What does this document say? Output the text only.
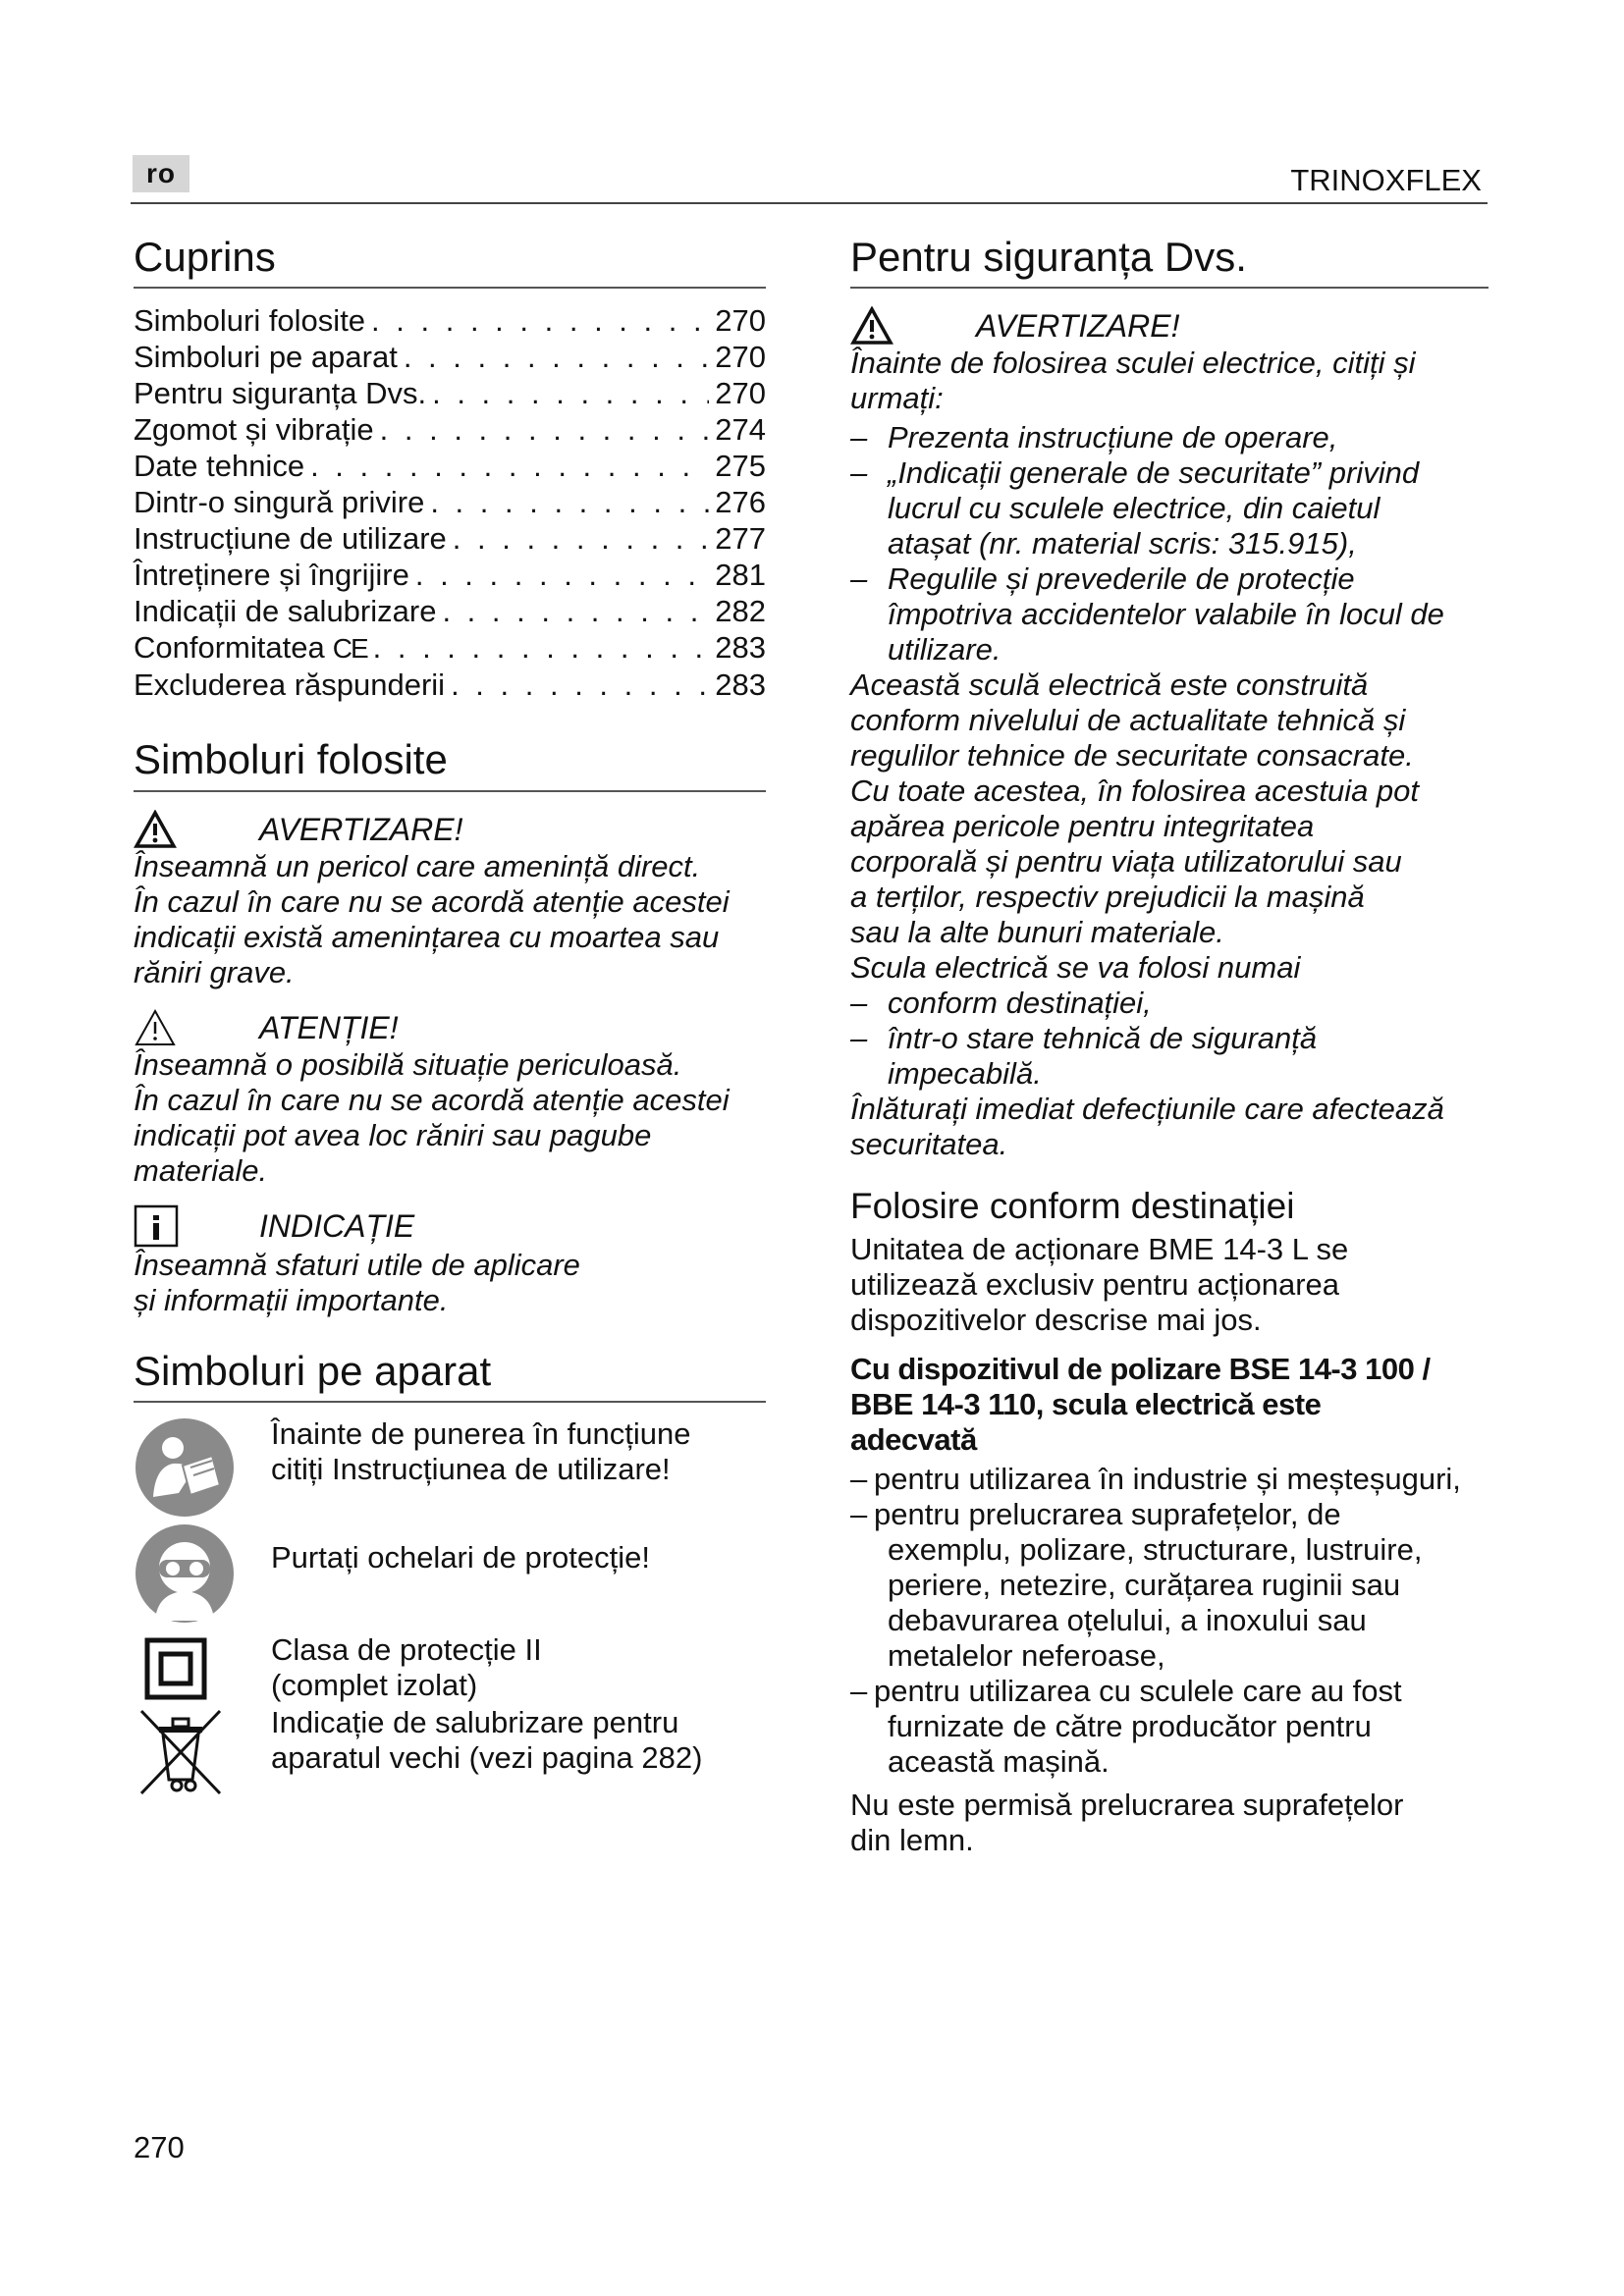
ro	TRINOXFLEX
Cuprins
Simboluri folosite . . .	270
Simboluri pe aparat . . .	270
Pentru siguranța Dvs. . . .	270
Zgomot și vibrație . . .	274
Date tehnice . . .	275
Dintr-o singură privire . . .	276
Instrucțiune de utilizare . . .	277
Întreținere și îngrijire . . .	281
Indicații de salubrizare . . .	282
Conformitatea CE . . .	283
Excluderea răspunderii . . .	283
Simboluri folosite
AVERTIZARE!

Înseamnă un pericol care amenință direct.

În cazul în care nu se acordă atenție acestei

indicații există amenințarea cu moartea sau

răniri grave.

ATENȚIE!

Înseamnă o posibilă situație periculoasă.

În cazul în care nu se acordă atenție acestei

indicații pot avea loc răniri sau pagube

materiale.

INDICAȚIE

Înseamnă sfaturi utile de aplicare

și informații importante.

Simboluri pe aparat
Înainte de punerea în funcțiune
citiți Instrucțiunea de utilizare!
Purtați ochelari de protecție!
Clasa de protecție II
(complet izolat)
Indicație de salubrizare pentru
aparatul vechi (vezi pagina 282)
Pentru siguranța Dvs.
AVERTIZARE!

Înainte de folosirea sculei electrice, citiți și

urmați:

– Prezenta instrucțiune de operare,
– „Indicații generale de securitate” privind
lucrul cu sculele electrice, din caietul
atașat (nr. material scris: 315.915),
– Regulile și prevederile de protecție
împotriva accidentelor valabile în locul de
utilizare.

Această sculă electrică este construită

conform nivelului de actualitate tehnică și

regulilor tehnice de securitate consacrate.

Cu toate acestea, în folosirea acestuia pot

apărea pericole pentru integritatea

corporală și pentru viața utilizatorului sau

a terților, respectiv prejudicii la mașină

sau la alte bunuri materiale.

Scula electrică se va folosi numai

– conform destinației,
– într-o stare tehnică de siguranță
impecabilă.

Înlăturați imediat defecțiunile care afectează

securitatea.

Folosire conform destinației

Unitatea de acționare BME 14-3 L se

utilizează exclusiv pentru acționarea

dispozitivelor descrise mai jos.

Cu dispozitivul de polizare BSE 14-3 100 /
BBE 14-3 110, scula electrică este
adecvată
– pentru utilizarea în industrie și meșteșuguri,
– pentru prelucrarea suprafețelor, de
exemplu, polizare, structurare, lustruire,
periere, netezire, curățarea ruginii sau
debavurarea oțelului, a inoxului sau
metalelor neferoase,
– pentru utilizarea cu sculele care au fost
furnizate de către producător pentru
această mașină.

Nu este permisă prelucrarea suprafețelor

din lemn.

270
